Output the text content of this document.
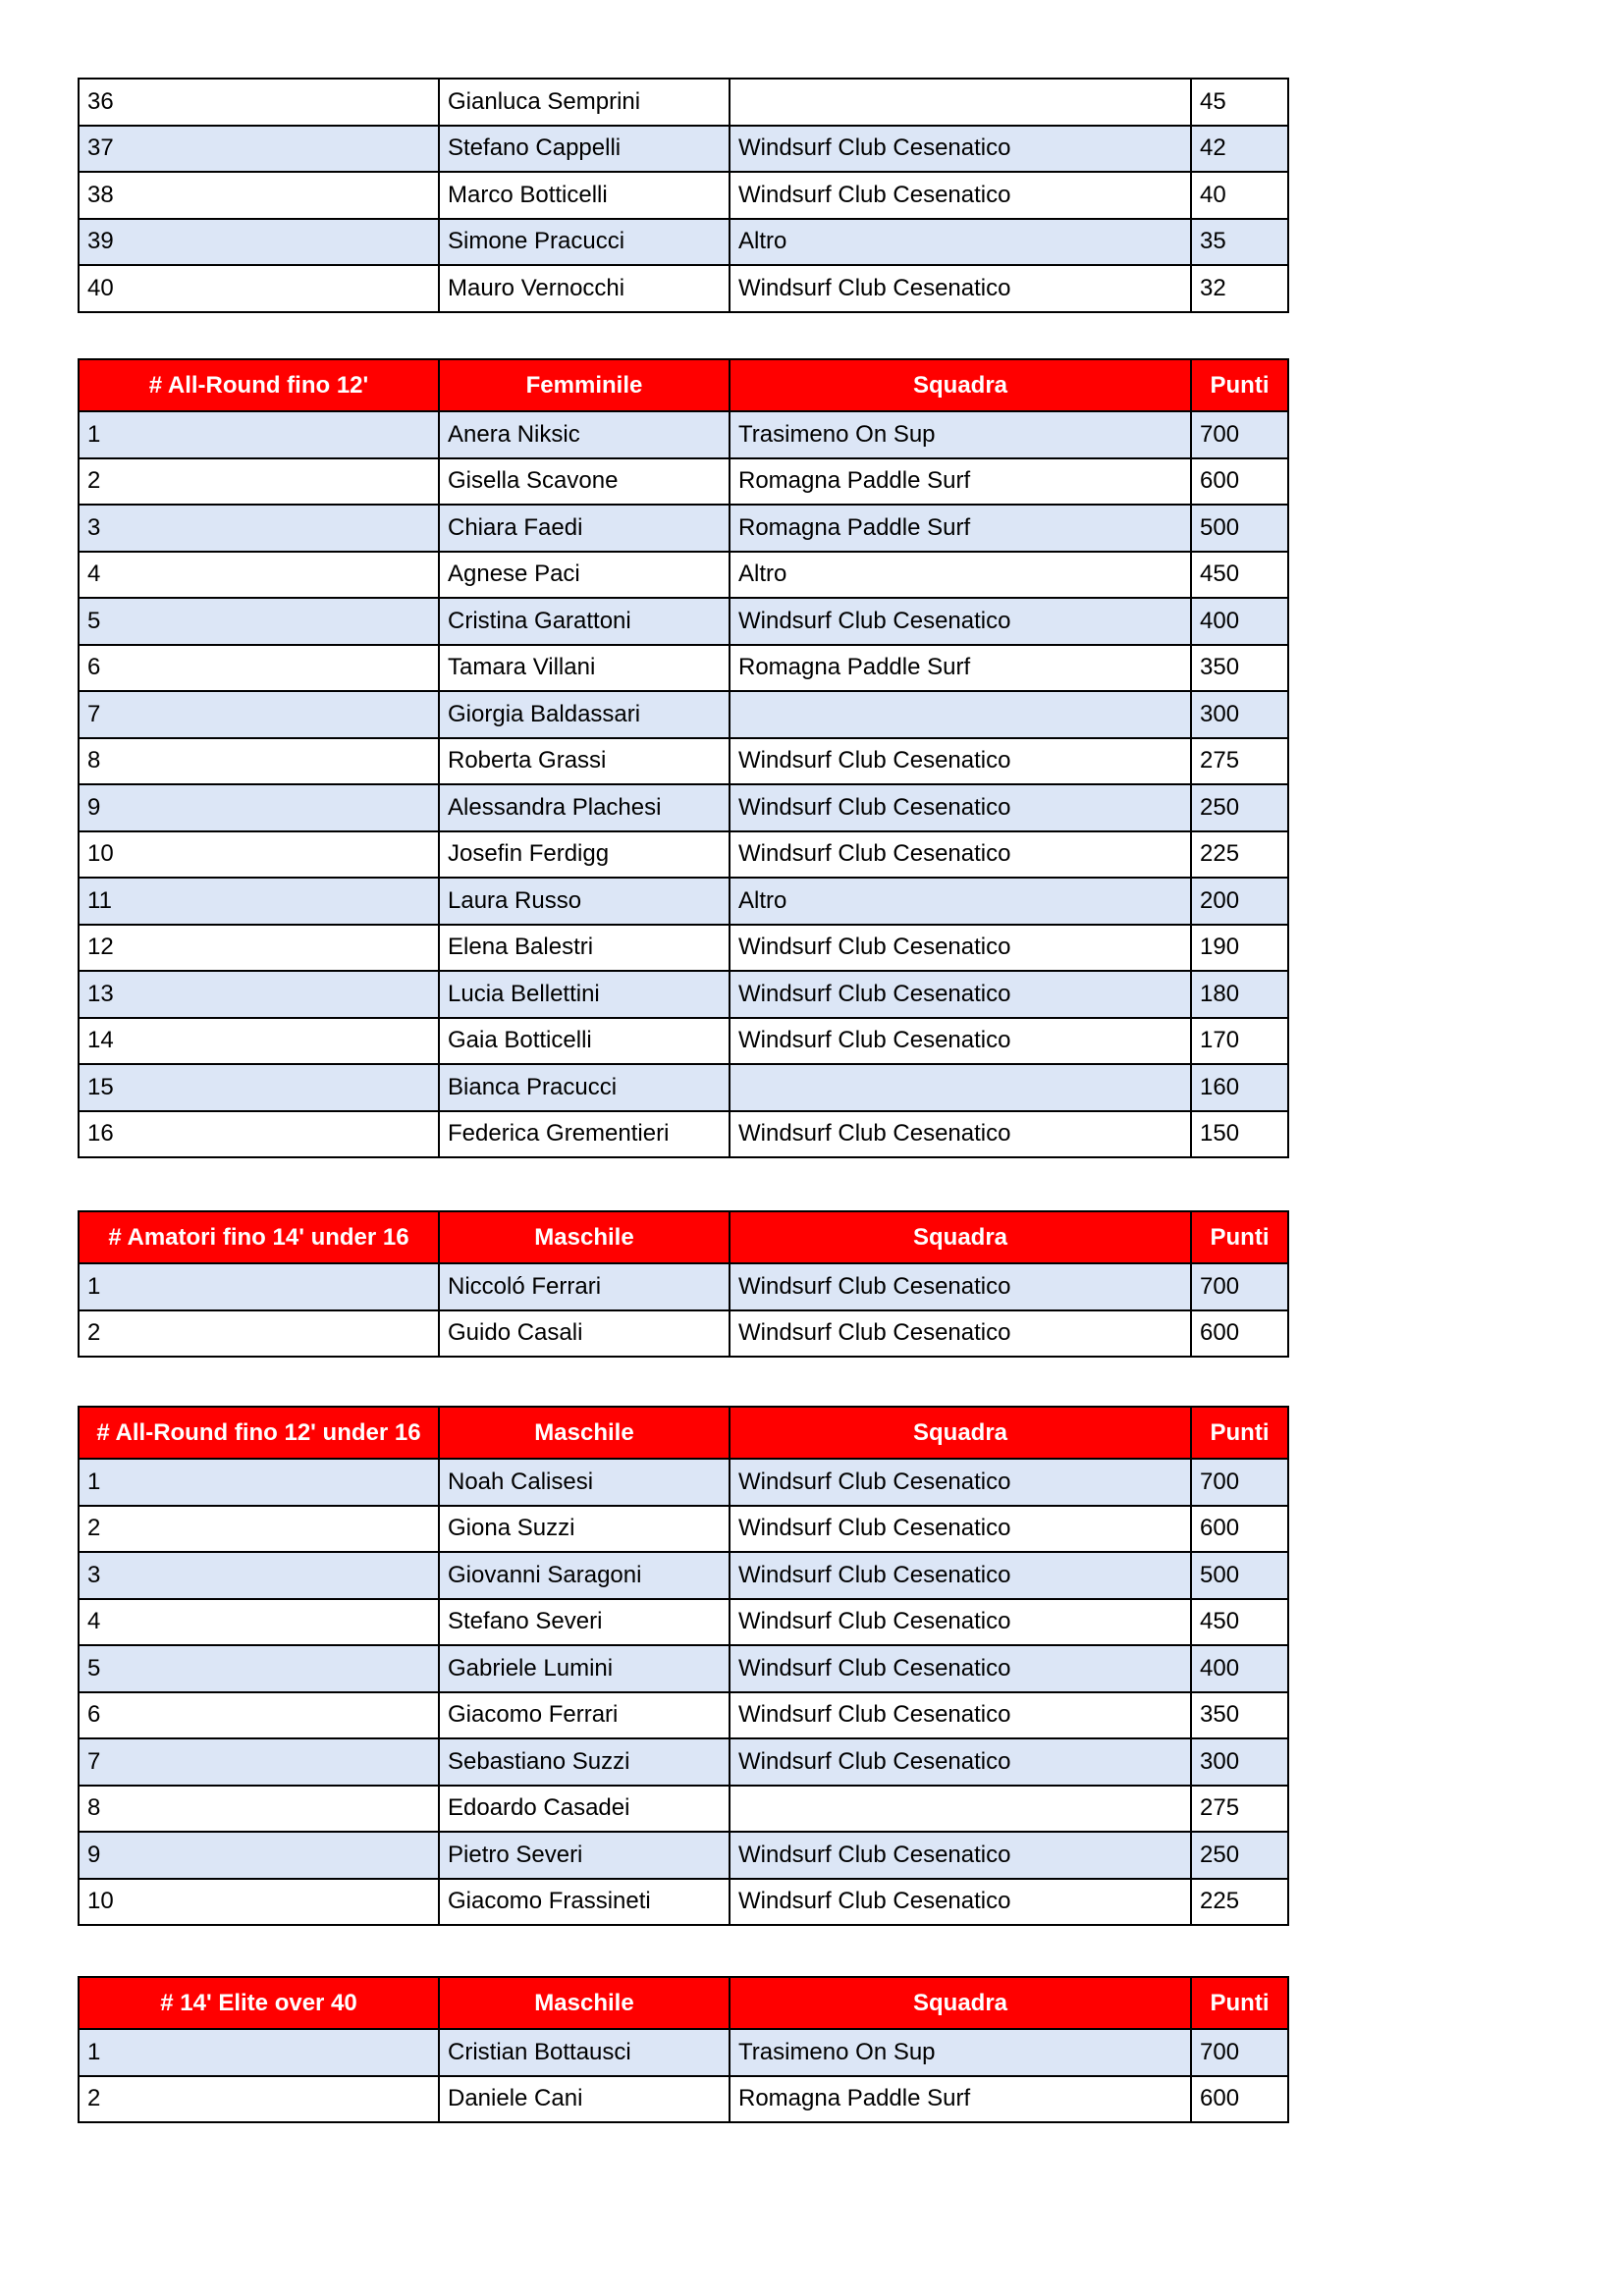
36	Gianluca Semprini		45
37	Stefano Cappelli	Windsurf Club Cesenatico	42
38	Marco Botticelli	Windsurf Club Cesenatico	40
39	Simone Pracucci	Altro	35
40	Mauro Vernocchi	Windsurf Club Cesenatico	32
# All-Round fino 12'	Femminile	Squadra	Punti
1	Anera Niksic	Trasimeno On Sup	700
2	Gisella Scavone	Romagna Paddle Surf	600
3	Chiara Faedi	Romagna Paddle Surf	500
4	Agnese Paci	Altro	450
5	Cristina Garattoni	Windsurf Club Cesenatico	400
6	Tamara Villani	Romagna Paddle Surf	350
7	Giorgia Baldassari		300
8	Roberta Grassi	Windsurf Club Cesenatico	275
9	Alessandra Plachesi	Windsurf Club Cesenatico	250
10	Josefin Ferdigg	Windsurf Club Cesenatico	225
11	Laura Russo	Altro	200
12	Elena Balestri	Windsurf Club Cesenatico	190
13	Lucia Bellettini	Windsurf Club Cesenatico	180
14	Gaia Botticelli	Windsurf Club Cesenatico	170
15	Bianca Pracucci		160
16	Federica Grementieri	Windsurf Club Cesenatico	150
# Amatori fino 14' under 16	Maschile	Squadra	Punti
1	Niccoló Ferrari	Windsurf Club Cesenatico	700
2	Guido Casali	Windsurf Club Cesenatico	600
# All-Round fino 12' under 16	Maschile	Squadra	Punti
1	Noah Calisesi	Windsurf Club Cesenatico	700
2	Giona Suzzi	Windsurf Club Cesenatico	600
3	Giovanni Saragoni	Windsurf Club Cesenatico	500
4	Stefano Severi	Windsurf Club Cesenatico	450
5	Gabriele Lumini	Windsurf Club Cesenatico	400
6	Giacomo Ferrari	Windsurf Club Cesenatico	350
7	Sebastiano Suzzi	Windsurf Club Cesenatico	300
8	Edoardo Casadei		275
9	Pietro Severi	Windsurf Club Cesenatico	250
10	Giacomo Frassineti	Windsurf Club Cesenatico	225
# 14' Elite over 40	Maschile	Squadra	Punti
1	Cristian Bottausci	Trasimeno On Sup	700
2	Daniele Cani	Romagna Paddle Surf	600
